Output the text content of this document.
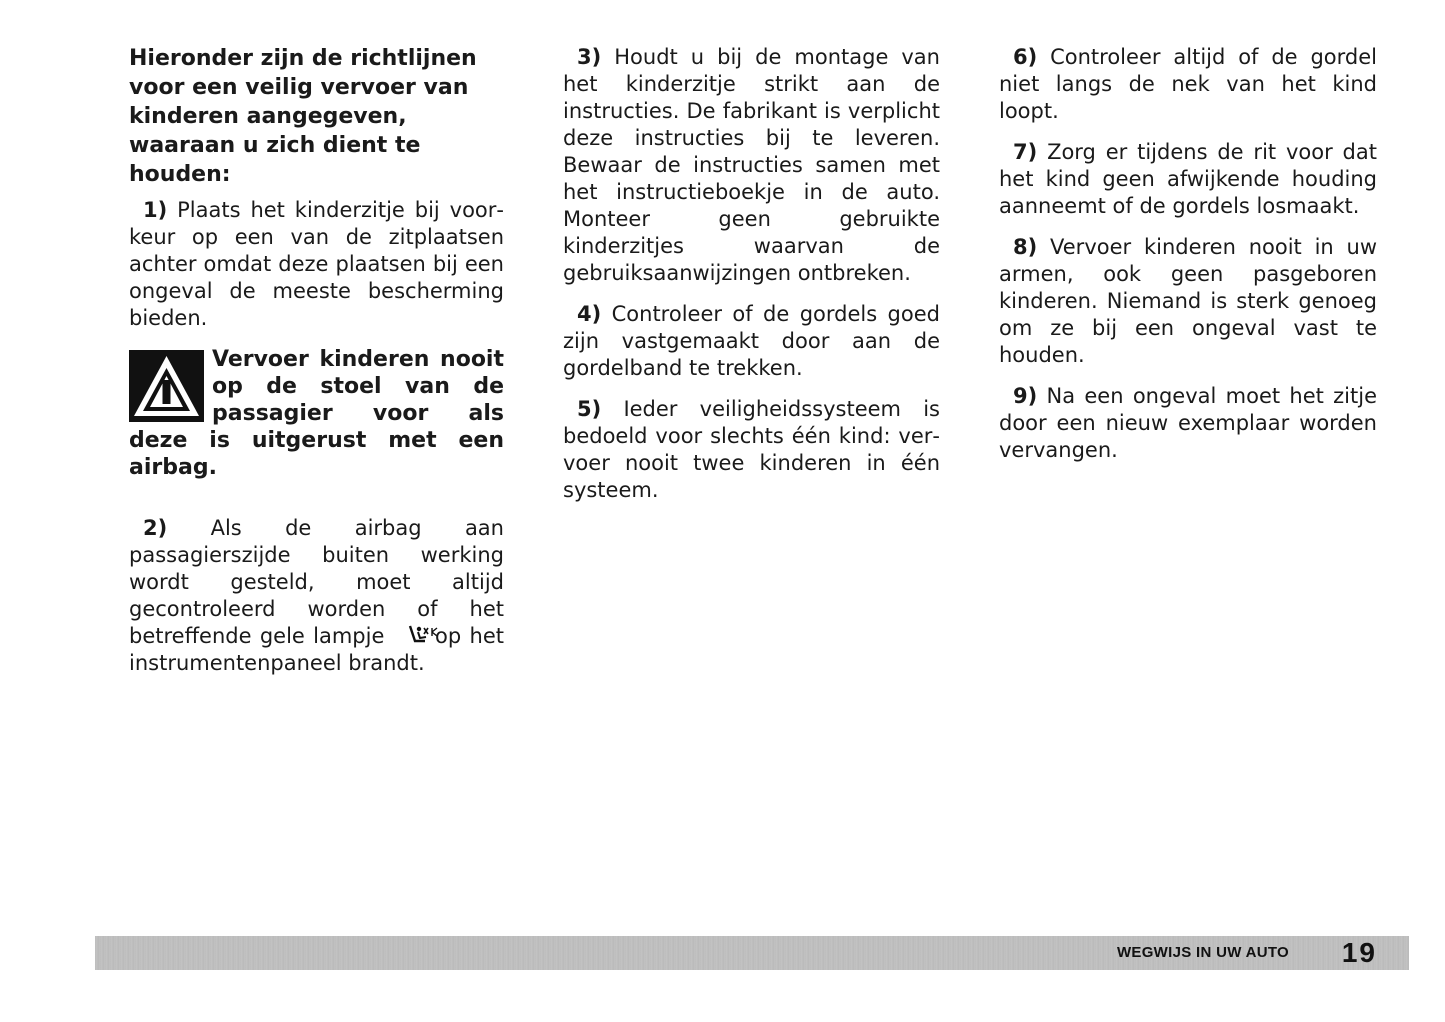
Hieronder zijn de richtlijnen voor een veilig vervoer van kinderen aangegeven, waaraan u zich dient te houden:

1) Plaats het kinderzitje bij voorkeur op een van de zitplaatsen achter omdat deze plaatsen bij een ongeval de meeste bescherming bieden.

Vervoer kinderen nooit op de stoel van de passagier voor als deze is uitgerust met een airbag.

2) Als de airbag aan passagierszijde buiten werking wordt gesteld, moet altijd gecontroleerd worden of het betreffende gele lampje op het instrumentenpaneel brandt.

3) Houdt u bij de montage van het kinderzitje strikt aan de instructies. De fabrikant is verplicht deze instructies bij te leveren. Bewaar de instructies samen met het instructieboekje in de auto. Monteer geen gebruikte kinderzitjes waarvan de gebruiksaanwijzingen ontbreken.

4) Controleer of de gordels goed zijn vastgemaakt door aan de gordelband te trekken.

5) Ieder veiligheidssysteem is bedoeld voor slechts één kind: vervoer nooit twee kinderen in één systeem.

6) Controleer altijd of de gordel niet langs de nek van het kind loopt.

7) Zorg er tijdens de rit voor dat het kind geen afwijkende houding aanneemt of de gordels losmaakt.

8) Vervoer kinderen nooit in uw armen, ook geen pasgeboren kinderen. Niemand is sterk genoeg om ze bij een ongeval vast te houden.

9) Na een ongeval moet het zitje door een nieuw exemplaar worden vervangen.

WEGWIJS IN UW AUTO 19
